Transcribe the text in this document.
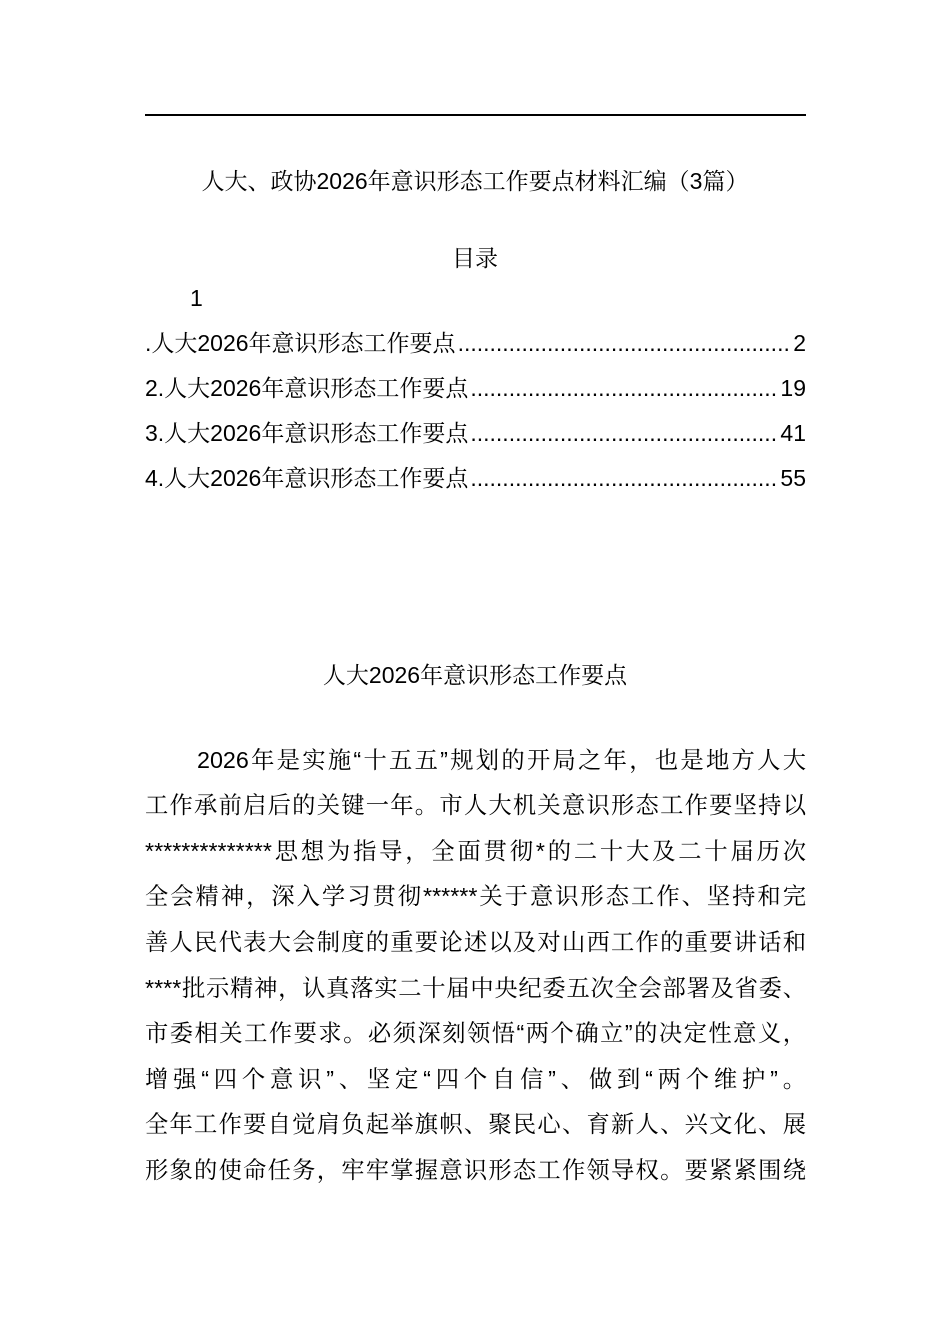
人大、政协2026年意识形态工作要点材料汇编（3篇）
目录
1
.人大2026年意识形态工作要点 .....	2
2.人大2026年意识形态工作要点 .....	19
3.人大2026年意识形态工作要点 .....	41
4.人大2026年意识形态工作要点 .....	55
人大2026年意识形态工作要点
2026年是实施“十五五”规划的开局之年，也是地方人大
工作承前启后的关键一年。市人大机关意识形态工作要坚持以
**************思想为指导，全面贯彻*的二十大及二十届历次
全会精神，深入学习贯彻******关于意识形态工作、坚持和完
善人民代表大会制度的重要论述以及对山西工作的重要讲话和
****批示精神，认真落实二十届中央纪委五次全会部署及省委、
市委相关工作要求。必须深刻领悟“两个确立”的决定性意义，
增强“四个意识”、坚定“四个自信”、做到“两个维护”。
全年工作要自觉肩负起举旗帜、聚民心、育新人、兴文化、展
形象的使命任务，牢牢掌握意识形态工作领导权。要紧紧围绕
